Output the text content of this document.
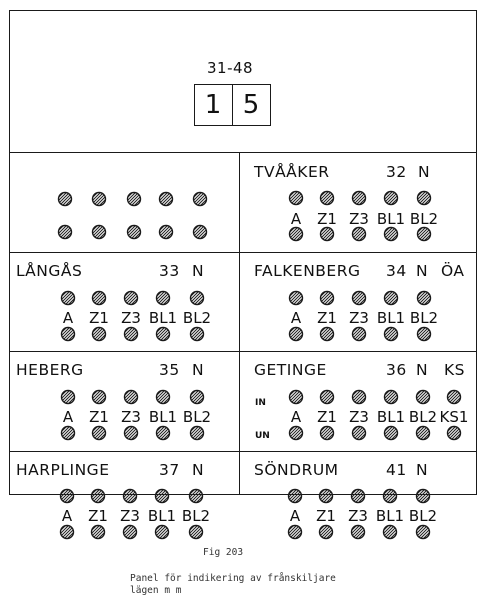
31-48
1 5
TVÅÅKER	32 N
A Z1 Z3 BL1 BL2
LÅNGÅS	33 N
A Z1 Z3 BL1 BL2
FALKENBERG 34 N ÖA
A Z1 Z3 BL1 BL2
HEBERG	35 N
A Z1 Z3 BL1 BL2
GETINGE	36 N KS
IN
UN
A Z1 Z3 BL1 BL2 KS1
HARPLINGE	37 N	SÖNDRUM	41 N
A Z1 Z3 BL1 BL2	A Z1 Z3 BL1 BL2
Fig 203
Panel för indikering av frånskiljare
lägen m m
